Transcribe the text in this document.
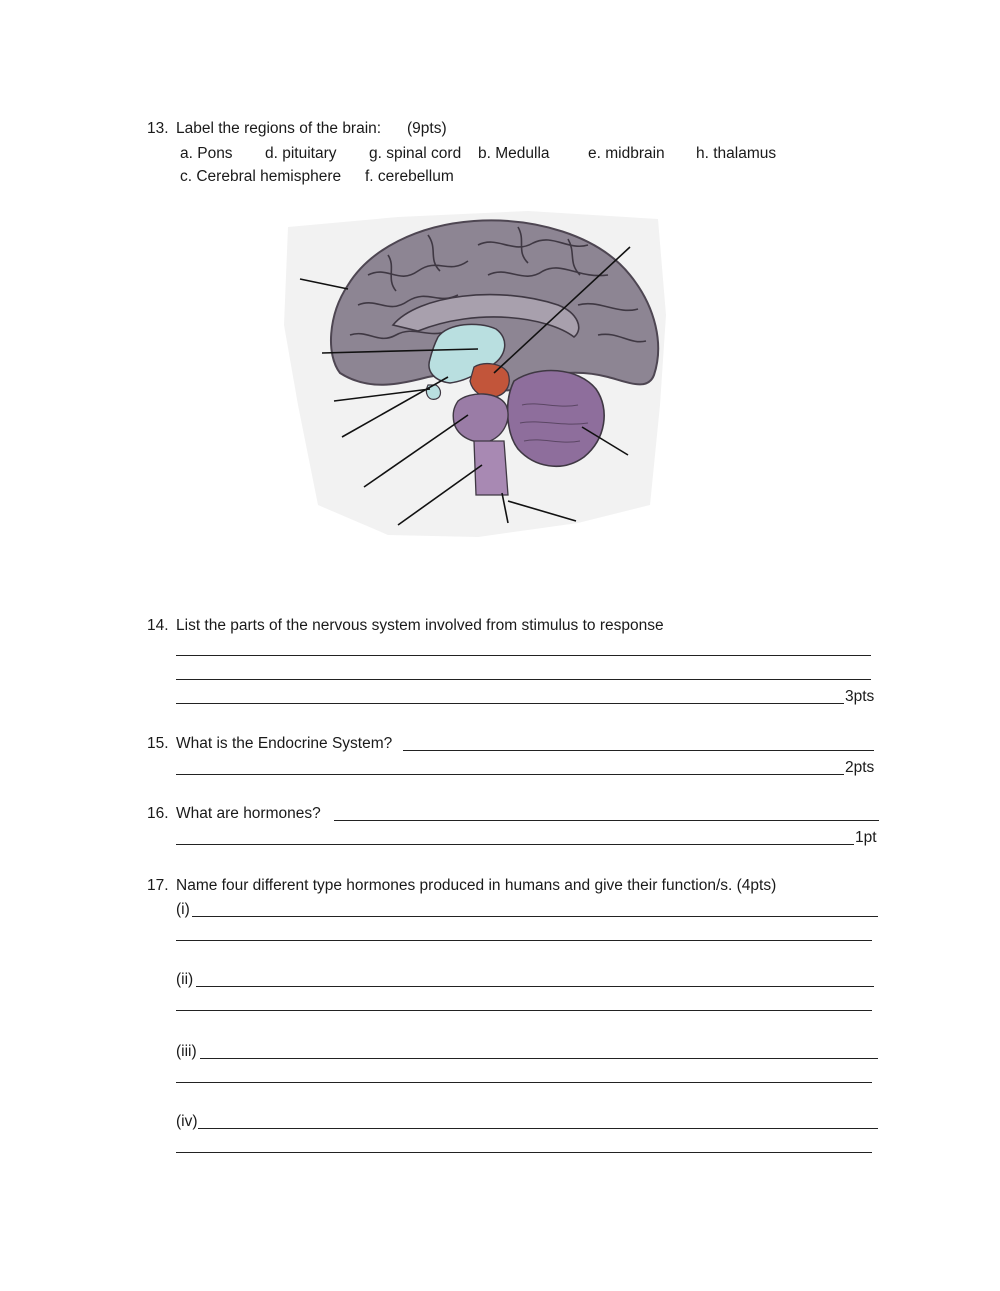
13. Label the regions of the brain: (9pts)
a. Pons d. pituitary g. spinal cord b. Medulla e. midbrain h. thalamus
c. Cerebral hemisphere f. cerebellum
14. List the parts of the nervous system involved from stimulus to response
3pts
15. What is the Endocrine System?
2pts
16. What are hormones?
1pt
17. Name four different type hormones produced in humans and give their function/s. (4pts)
(i)
(ii)
(iii)
(iv)
